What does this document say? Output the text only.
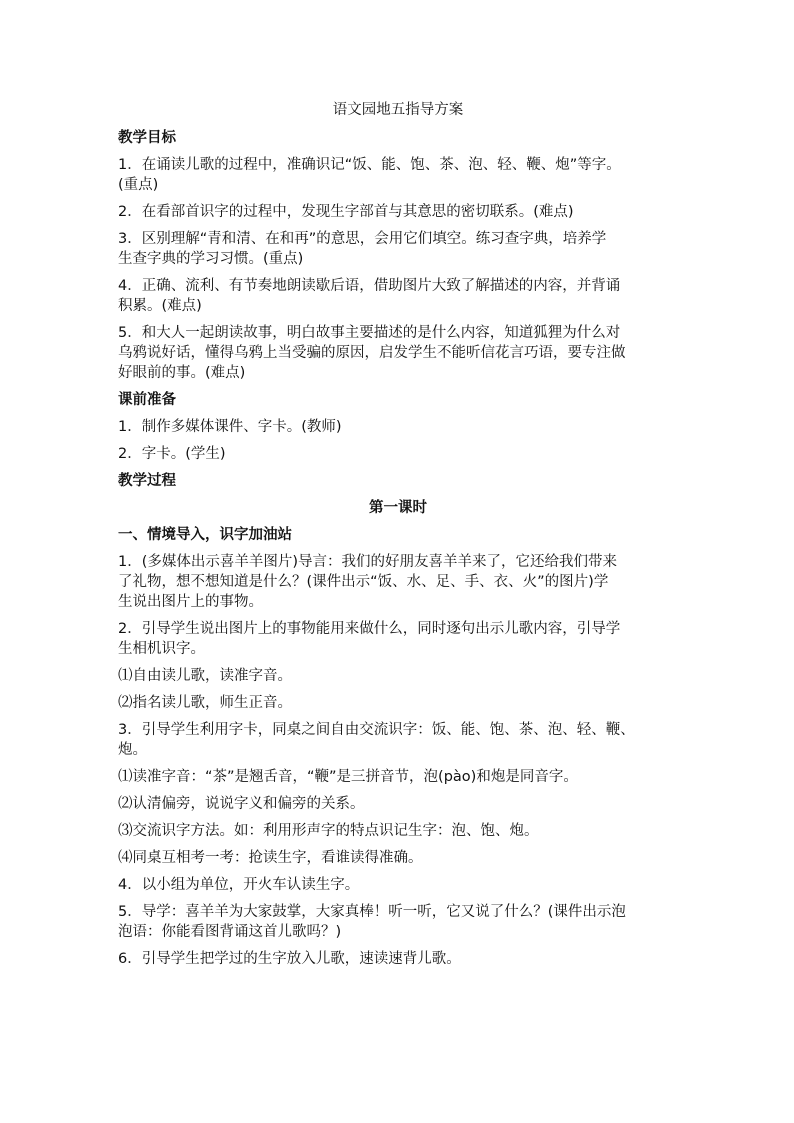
语文园地五指导方案

教学目标

1．在诵读儿歌的过程中，准确识记“饭、能、饱、茶、泡、轻、鞭、炮”等字。
(重点)

2．在看部首识字的过程中，发现生字部首与其意思的密切联系。(难点)

3．区别理解“青和清、在和再”的意思，会用它们填空。练习查字典，培养学
生查字典的学习习惯。(重点)

4．正确、流利、有节奏地朗读歇后语，借助图片大致了解描述的内容，并背诵
积累。(难点)

5．和大人一起朗读故事，明白故事主要描述的是什么内容，知道狐狸为什么对
乌鸦说好话，懂得乌鸦上当受骗的原因，启发学生不能听信花言巧语，要专注做
好眼前的事。(难点)

课前准备

1．制作多媒体课件、字卡。(教师)

2．字卡。(学生)

教学过程

第一课时

一、情境导入，识字加油站

1．(多媒体出示喜羊羊图片)导言：我们的好朋友喜羊羊来了，它还给我们带来
了礼物，想不想知道是什么？(课件出示“饭、水、足、手、衣、火”的图片)学
生说出图片上的事物。

2．引导学生说出图片上的事物能用来做什么，同时逐句出示儿歌内容，引导学
生相机识字。

⑴自由读儿歌，读准字音。

⑵指名读儿歌，师生正音。

3．引导学生利用字卡，同桌之间自由交流识字：饭、能、饱、茶、泡、轻、鞭、
炮。

⑴读准字音：“茶”是翘舌音，“鞭”是三拼音节，泡(pào)和炮是同音字。

⑵认清偏旁，说说字义和偏旁的关系。

⑶交流识字方法。如：利用形声字的特点识记生字：泡、饱、炮。

⑷同桌互相考一考：抢读生字，看谁读得准确。

4．以小组为单位，开火车认读生字。

5．导学：喜羊羊为大家鼓掌，大家真棒！听一听，它又说了什么？(课件出示泡
泡语：你能看图背诵这首儿歌吗？)

6．引导学生把学过的生字放入儿歌，速读速背儿歌。
